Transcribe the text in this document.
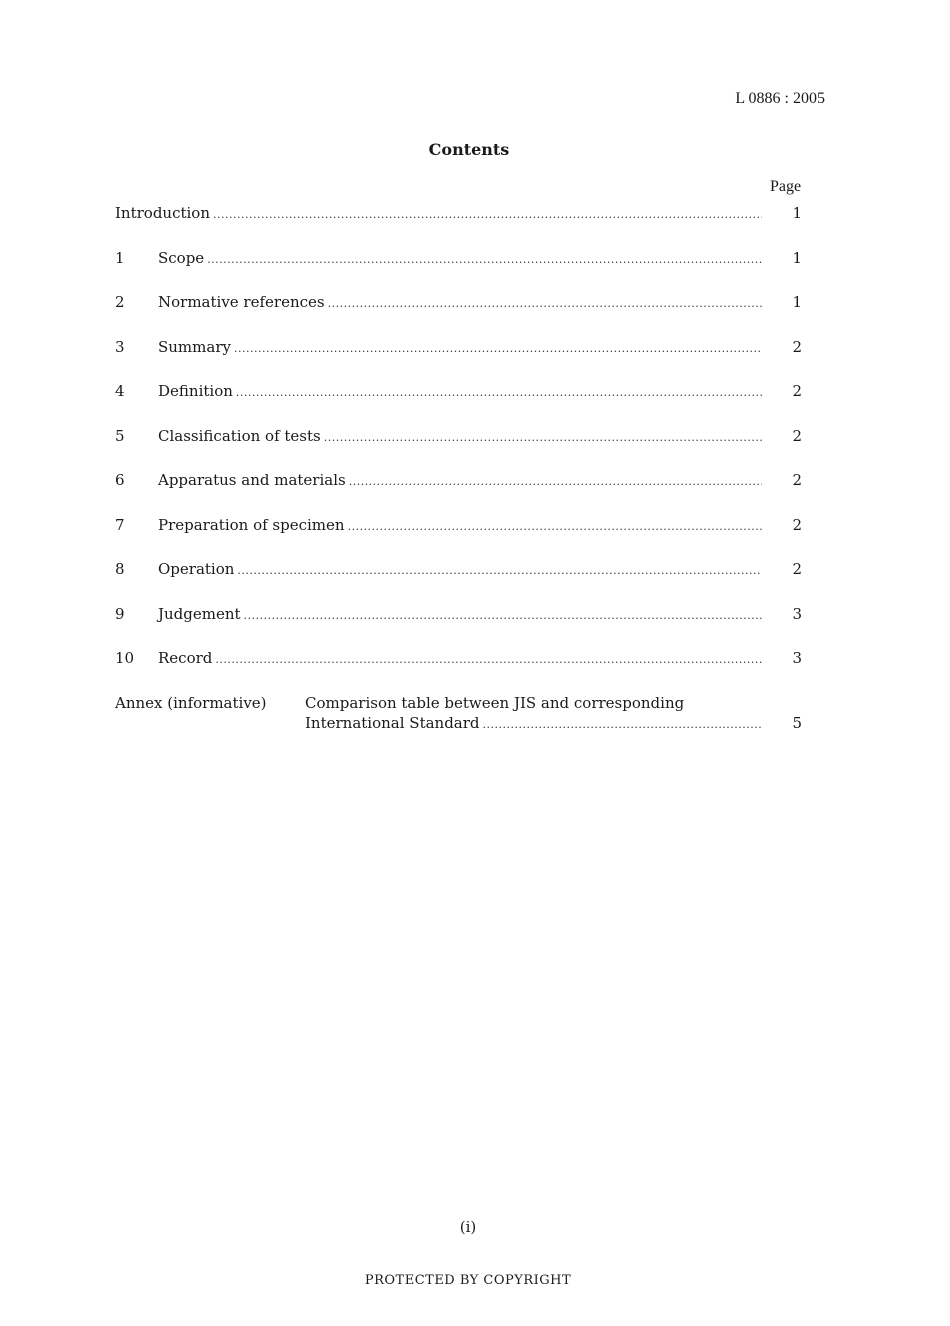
L 0886 : 2005
Contents
Page
Introduction .....	1
1	Scope .....	1
2	Normative references .....	1
3	Summary .....	2
4	Definition .....	2
5	Classification of tests .....	2
6	Apparatus and materials .....	2
7	Preparation of specimen .....	2
8	Operation .....	2
9	Judgement .....	3
10	Record .....	3
Annex (informative)	Comparison table between JIS and corresponding
International Standard .....	5
(i)
PROTECTED BY COPYRIGHT
